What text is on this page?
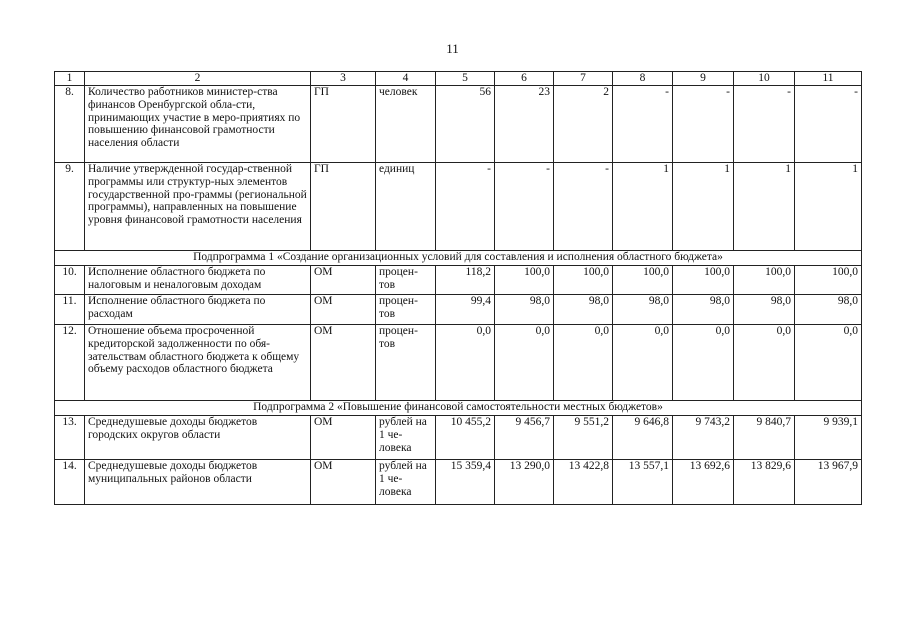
11
1	2	3	4	5	6	7	8	9	10	11
8.	Количество работников министер-ства финансов Оренбургской обла-сти, принимающих участие в меро-приятиях по повышению финансовой грамотности населения области	ГП	человек	56	23	2	-	-	-	-
9.	Наличие утвержденной государ-ственной программы или структур-ных элементов государственной про-граммы (региональной программы), направленных на повышение уровня финансовой грамотности населения	ГП	единиц	-	-	-	1	1	1	1
Подпрограмма 1 «Создание организационных условий для составления и исполнения областного бюджета»										
10.	Исполнение областного бюджета по налоговым и неналоговым доходам	ОМ	процен-тов	118,2	100,0	100,0	100,0	100,0	100,0	100,0
11.	Исполнение областного бюджета по расходам	ОМ	процен-тов	99,4	98,0	98,0	98,0	98,0	98,0	98,0
12.	Отношение объема просроченной кредиторской задолженности по обя-зательствам областного бюджета к общему объему расходов областного бюджета	ОМ	процен-тов	0,0	0,0	0,0	0,0	0,0	0,0	0,0
Подпрограмма 2 «Повышение финансовой самостоятельности местных бюджетов»										
13.	Среднедушевые доходы бюджетов городских округов области	ОМ	рублей на 1 че-ловека	10 455,2	9 456,7	9 551,2	9 646,8	9 743,2	9 840,7	9 939,1
14.	Среднедушевые доходы бюджетов муниципальных районов области	ОМ	рублей на 1 че-ловека	15 359,4	13 290,0	13 422,8	13 557,1	13 692,6	13 829,6	13 967,9
